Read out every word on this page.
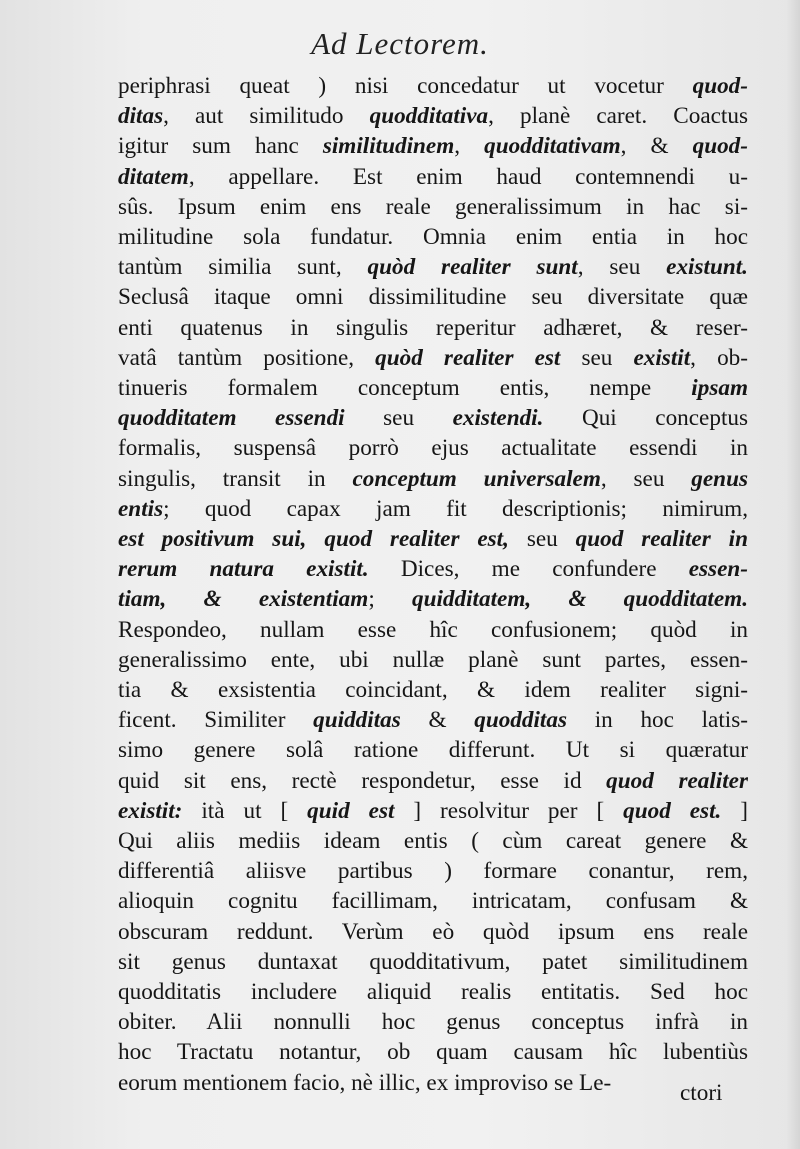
Ad Lectorem.
periphrasi queat ) nisi concedatur ut vocetur quod-
ditas, aut similitudo quodditativa, planè caret. Coactus
igitur sum hanc similitudinem, quodditativam, & quod-
ditatem, appellare. Est enim haud contemnendi u-
sûs. Ipsum enim ens reale generalissimum in hac si-
militudine sola fundatur. Omnia enim entia in hoc
tantùm similia sunt, quòd realiter sunt, seu existunt.
Seclusâ itaque omni dissimilitudine seu diversitate quæ
enti quatenus in singulis reperitur adhæret, & reser-
vatâ tantùm positione, quòd realiter est seu existit, ob-
tinueris formalem conceptum entis, nempe ipsam
quodditatem essendi seu existendi. Qui conceptus
formalis, suspensâ porrò ejus actualitate essendi in
singulis, transit in conceptum universalem, seu genus
entis; quod capax jam fit descriptionis; nimirum,
est positivum sui, quod realiter est, seu quod realiter in
rerum natura existit. Dices, me confundere essen-
tiam, & existentiam; quidditatem, & quodditatem.
Respondeo, nullam esse hîc confusionem; quòd in
generalissimo ente, ubi nullæ planè sunt partes, essen-
tia & exsistentia coincidant, & idem realiter signi-
ficent. Similiter quidditas & quodditas in hoc latis-
simo genere solâ ratione differunt. Ut si quæratur
quid sit ens, rectè respondetur, esse id quod realiter
existit: ità ut [ quid est ] resolvitur per [ quod est. ]
Qui aliis mediis ideam entis ( cùm careat genere &
differentiâ aliisve partibus ) formare conantur, rem,
alioquin cognitu facillimam, intricatam, confusam &
obscuram reddunt. Verùm eò quòd ipsum ens reale
sit genus duntaxat quodditativum, patet similitudinem
quodditatis includere aliquid realis entitatis. Sed hoc
obiter. Alii nonnulli hoc genus conceptus infrà in
hoc Tractatu notantur, ob quam causam hîc lubentiùs
eorum mentionem facio, nè illic, ex improviso se Le-	ctori
